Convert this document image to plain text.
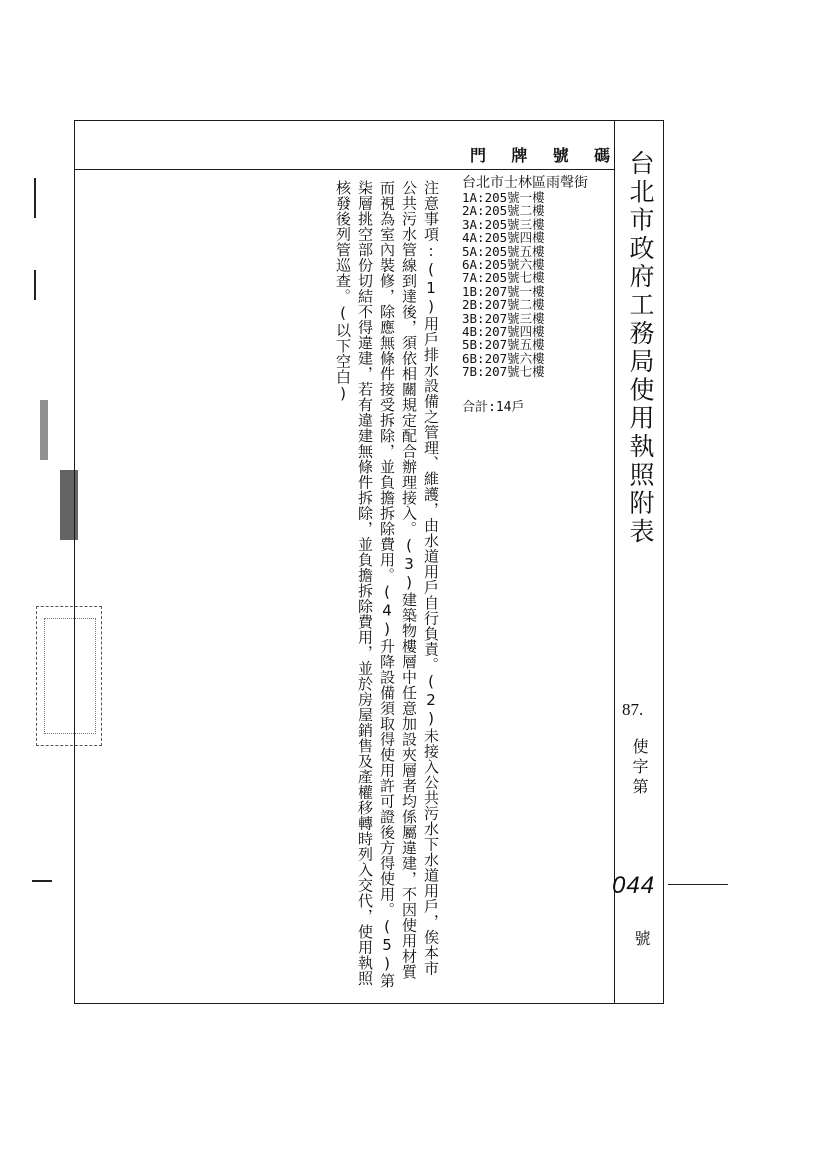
台北市政府工務局使用執照附表
87.
使字第
044
號
門 牌 號 碼
台北市士林區雨聲街
1A:205號一樓
2A:205號二樓
3A:205號三樓
4A:205號四樓
5A:205號五樓
6A:205號六樓
7A:205號七樓
1B:207號一樓
2B:207號二樓
3B:207號三樓
4B:207號四樓
5B:207號五樓
6B:207號六樓
7B:207號七樓
合計:14戶
注意事項:(1)用戶排水設備之管理、維護，由水道用戶自行負責。(2)未接入公共污水下水道用戶，俟本市公共污水管線到達後，須依相關規定配合辦理接入。(3)建築物樓層中任意加設夾層者均係屬違建，不因使用材質而視為室內裝修，除應無條件接受拆除，並負擔拆除費用。(4)升降設備須取得使用許可證後方得使用。(5)第柒層挑空部份切結不得違建，若有違建無條件拆除，並負擔拆除費用，並於房屋銷售及產權移轉時列入交代，使用執照核發後列管巡查。(以下空白)
